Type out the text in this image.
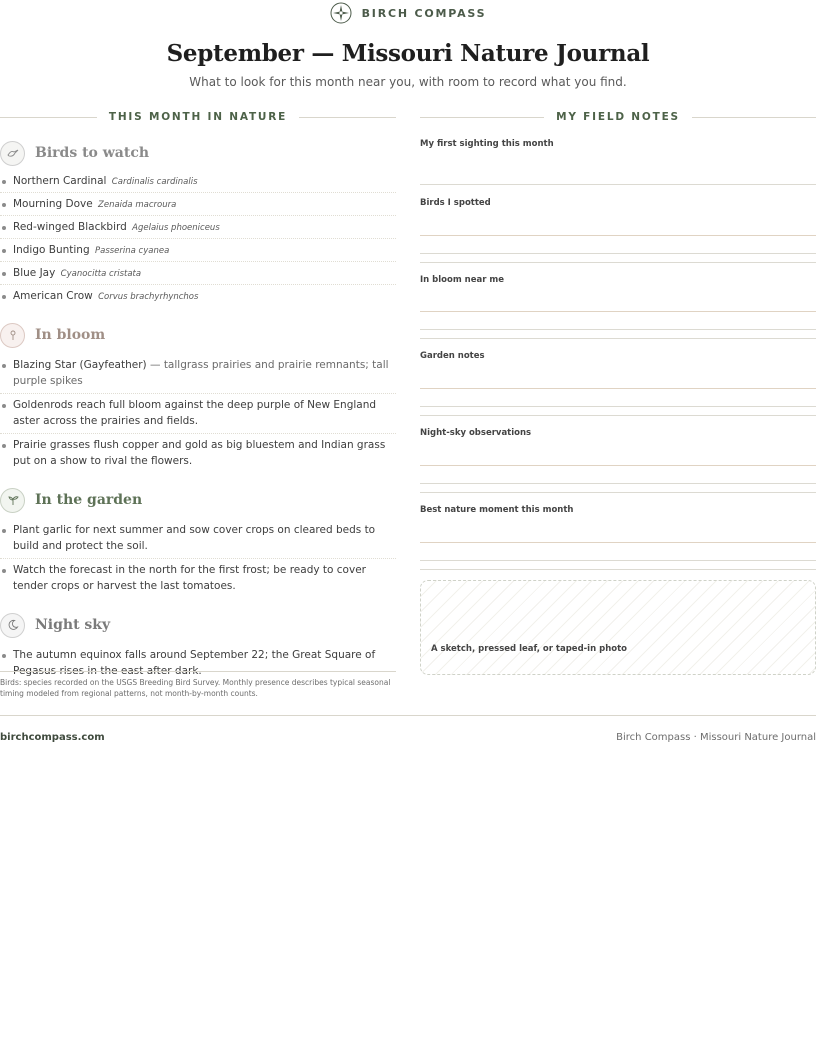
BIRCH COMPASS
September — Missouri Nature Journal
What to look for this month near you, with room to record what you find.
THIS MONTH IN NATURE
Birds to watch
Northern Cardinal Cardinalis cardinalis
Mourning Dove Zenaida macroura
Red-winged Blackbird Agelaius phoeniceus
Indigo Bunting Passerina cyanea
Blue Jay Cyanocitta cristata
American Crow Corvus brachyrhynchos
In bloom
Blazing Star (Gayfeather) — tallgrass prairies and prairie remnants; tall purple spikes
Goldenrods reach full bloom against the deep purple of New England aster across the prairies and fields.
Prairie grasses flush copper and gold as big bluestem and Indian grass put on a show to rival the flowers.
In the garden
Plant garlic for next summer and sow cover crops on cleared beds to build and protect the soil.
Watch the forecast in the north for the first frost; be ready to cover tender crops or harvest the last tomatoes.
Night sky
The autumn equinox falls around September 22; the Great Square of Pegasus rises in the east after dark.
Birds: species recorded on the USGS Breeding Bird Survey. Monthly presence describes typical seasonal timing modeled from regional patterns, not month-by-month counts.
MY FIELD NOTES
My first sighting this month
Birds I spotted
In bloom near me
Garden notes
Night-sky observations
Best nature moment this month
A sketch, pressed leaf, or taped-in photo
birchcompass.com	Birch Compass · Missouri Nature Journal
